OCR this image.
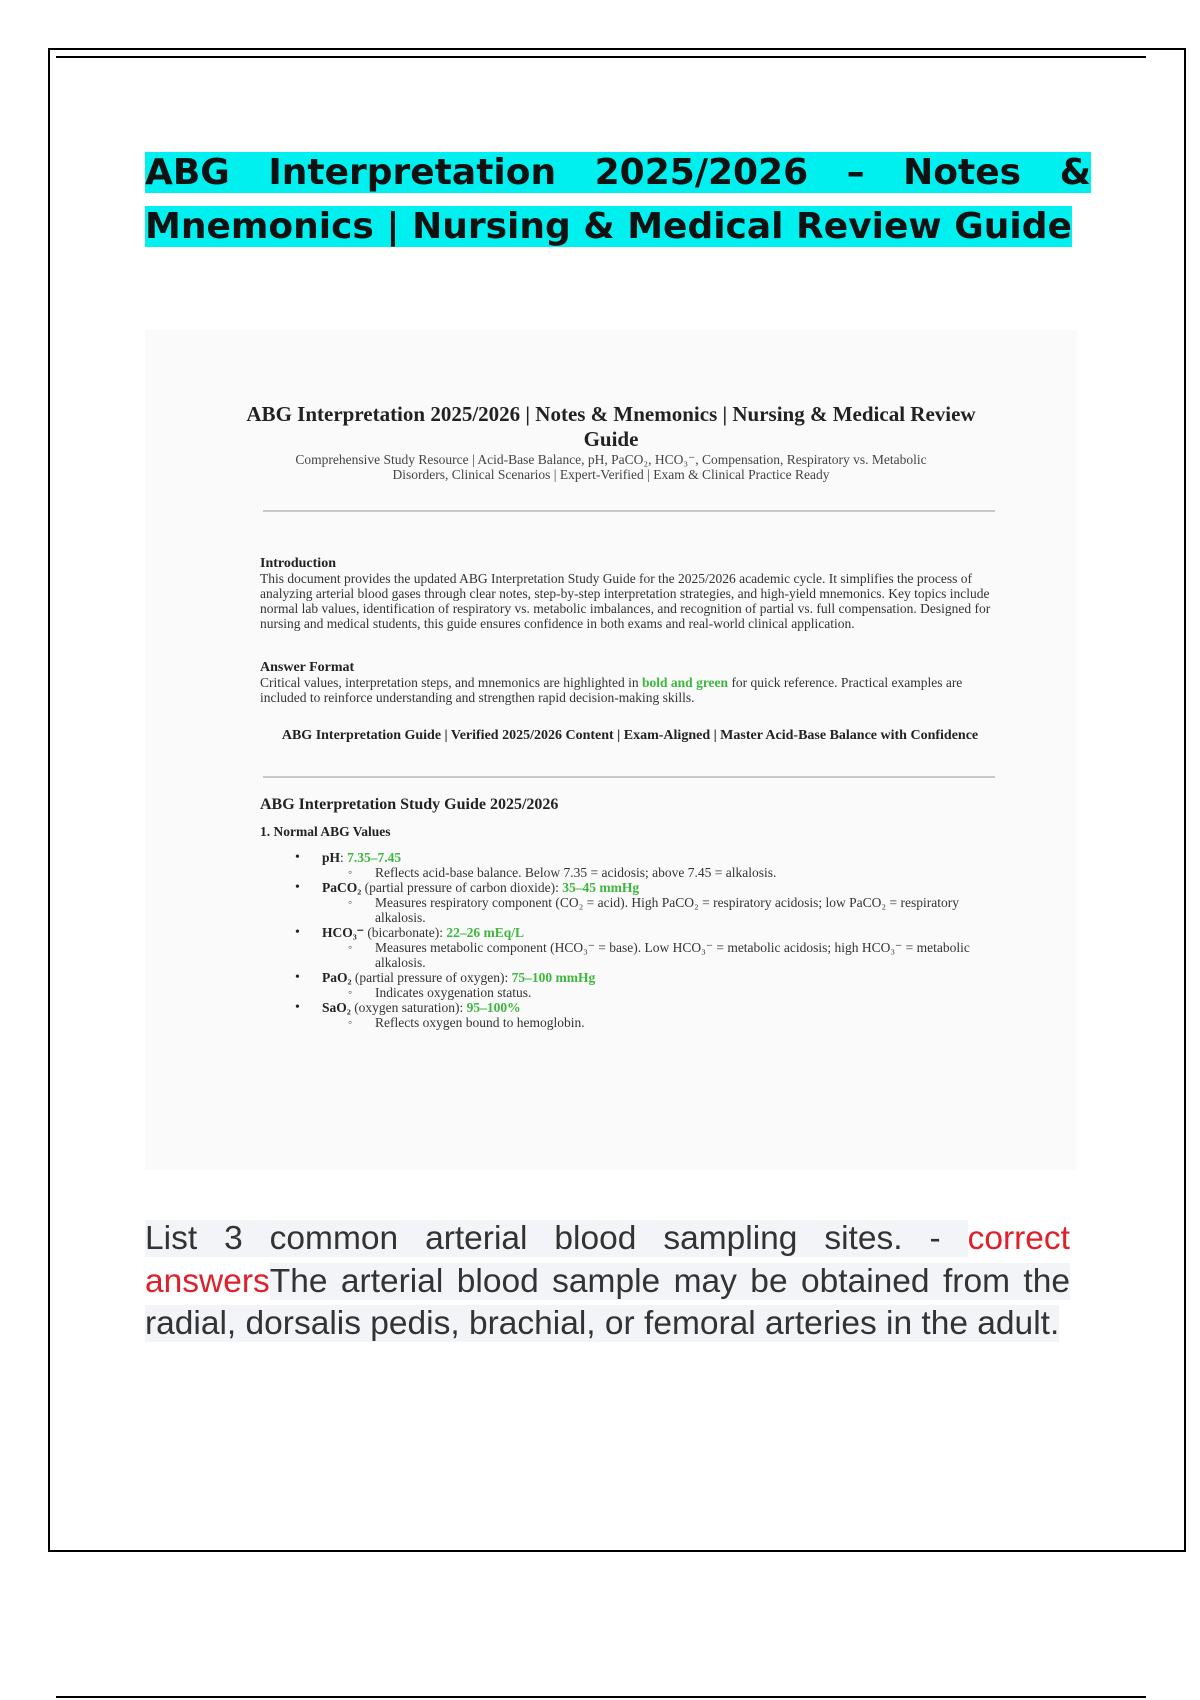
ABG Interpretation 2025/2026 – Notes & Mnemonics | Nursing & Medical Review Guide
ABG Interpretation 2025/2026 | Notes & Mnemonics | Nursing & Medical Review Guide
Comprehensive Study Resource | Acid-Base Balance, pH, PaCO₂, HCO₃⁻, Compensation, Respiratory vs. Metabolic Disorders, Clinical Scenarios | Expert-Verified | Exam & Clinical Practice Ready
Introduction
This document provides the updated ABG Interpretation Study Guide for the 2025/2026 academic cycle. It simplifies the process of analyzing arterial blood gases through clear notes, step-by-step interpretation strategies, and high-yield mnemonics. Key topics include normal lab values, identification of respiratory vs. metabolic imbalances, and recognition of partial vs. full compensation. Designed for nursing and medical students, this guide ensures confidence in both exams and real-world clinical application.
Answer Format
Critical values, interpretation steps, and mnemonics are highlighted in bold and green for quick reference. Practical examples are included to reinforce understanding and strengthen rapid decision-making skills.
ABG Interpretation Guide | Verified 2025/2026 Content | Exam-Aligned | Master Acid-Base Balance with Confidence
ABG Interpretation Study Guide 2025/2026
1. Normal ABG Values
• pH: 7.35–7.45
◦ Reflects acid-base balance. Below 7.35 = acidosis; above 7.45 = alkalosis.
• PaCO₂ (partial pressure of carbon dioxide): 35–45 mmHg
◦ Measures respiratory component (CO₂ = acid). High PaCO₂ = respiratory acidosis; low PaCO₂ = respiratory alkalosis.
• HCO₃⁻ (bicarbonate): 22–26 mEq/L
◦ Measures metabolic component (HCO₃⁻ = base). Low HCO₃⁻ = metabolic acidosis; high HCO₃⁻ = metabolic alkalosis.
• PaO₂ (partial pressure of oxygen): 75–100 mmHg
◦ Indicates oxygenation status.
• SaO₂ (oxygen saturation): 95–100%
◦ Reflects oxygen bound to hemoglobin.
List 3 common arterial blood sampling sites. - correct answersThe arterial blood sample may be obtained from the radial, dorsalis pedis, brachial, or femoral arteries in the adult.
